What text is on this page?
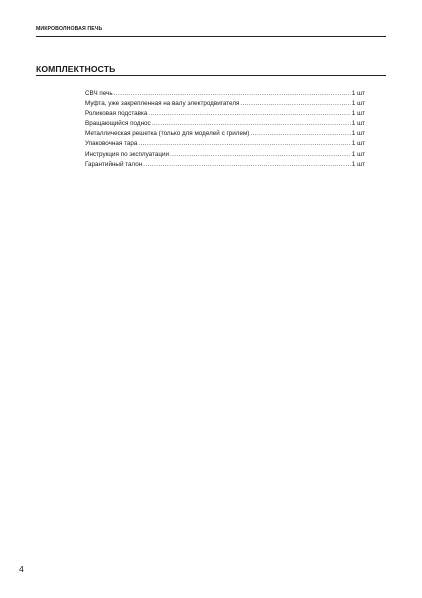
МИКРОВОЛНОВАЯ ПЕЧЬ
КОМПЛЕКТНОСТЬ
СВЧ печь .....	1 шт
Муфта, уже закрепленная на валу электродвигателя .....	1 шт
Роликовая подставка .....	1 шт
Вращающийся поднос .....	1 шт
Металлическая решетка (только для моделей с грилем) .....	1 шт
Упаковочная тара .....	1 шт
Инструкция по эксплуатации .....	1 шт
Гарантийный талон .....	1 шт
4
